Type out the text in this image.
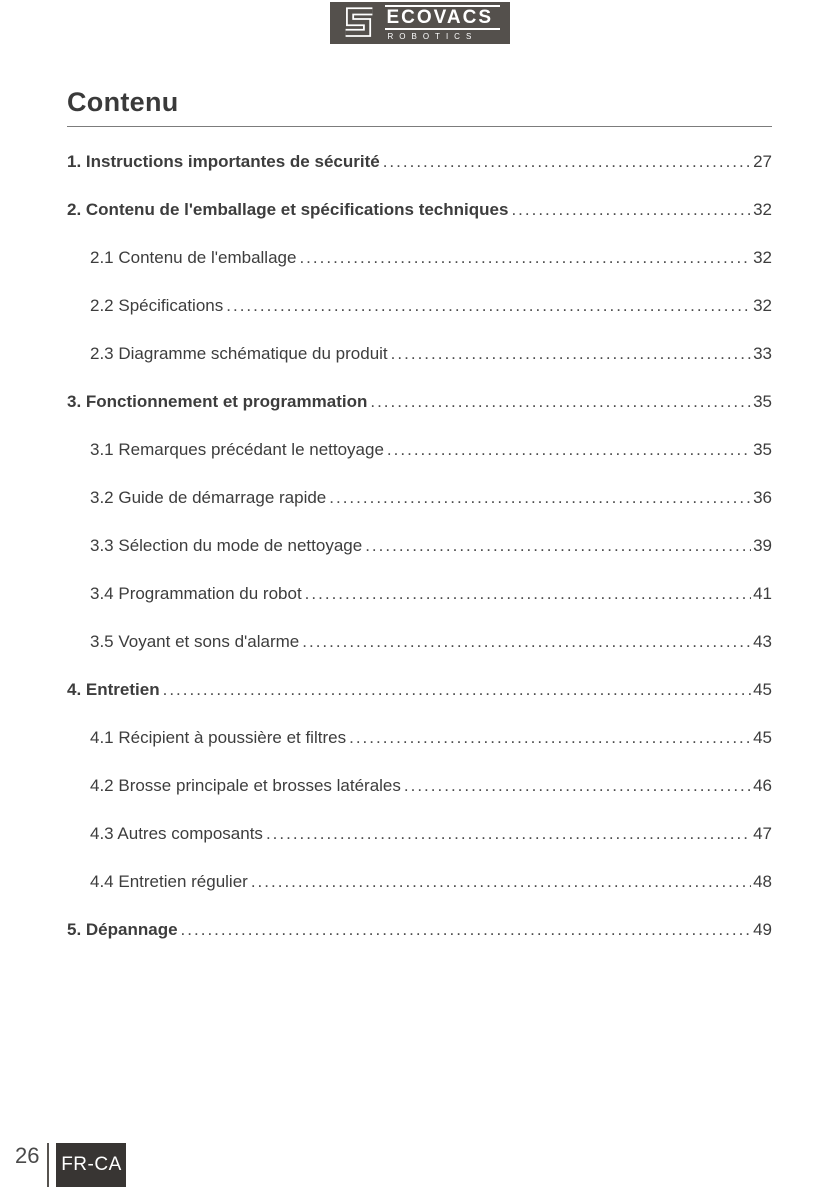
ECOVACS
ROBOTICS
Contenu
1. Instructions importantes de sécurité .....	27
2. Contenu de l'emballage et spécifications techniques .....	32
2.1 Contenu de l'emballage .....	32
2.2 Spécifications .....	32
2.3 Diagramme schématique du produit .....	33
3. Fonctionnement et programmation .....	35
3.1 Remarques précédant le nettoyage .....	35
3.2 Guide de démarrage rapide .....	36
3.3 Sélection du mode de nettoyage .....	39
3.4 Programmation du robot .....	41
3.5 Voyant et sons d'alarme .....	43
4. Entretien .....	45
4.1 Récipient à poussière et filtres .....	45
4.2 Brosse principale et brosses latérales .....	46
4.3 Autres composants .....	47
4.4 Entretien régulier .....	48
5. Dépannage .....	49
26 FR-CA
